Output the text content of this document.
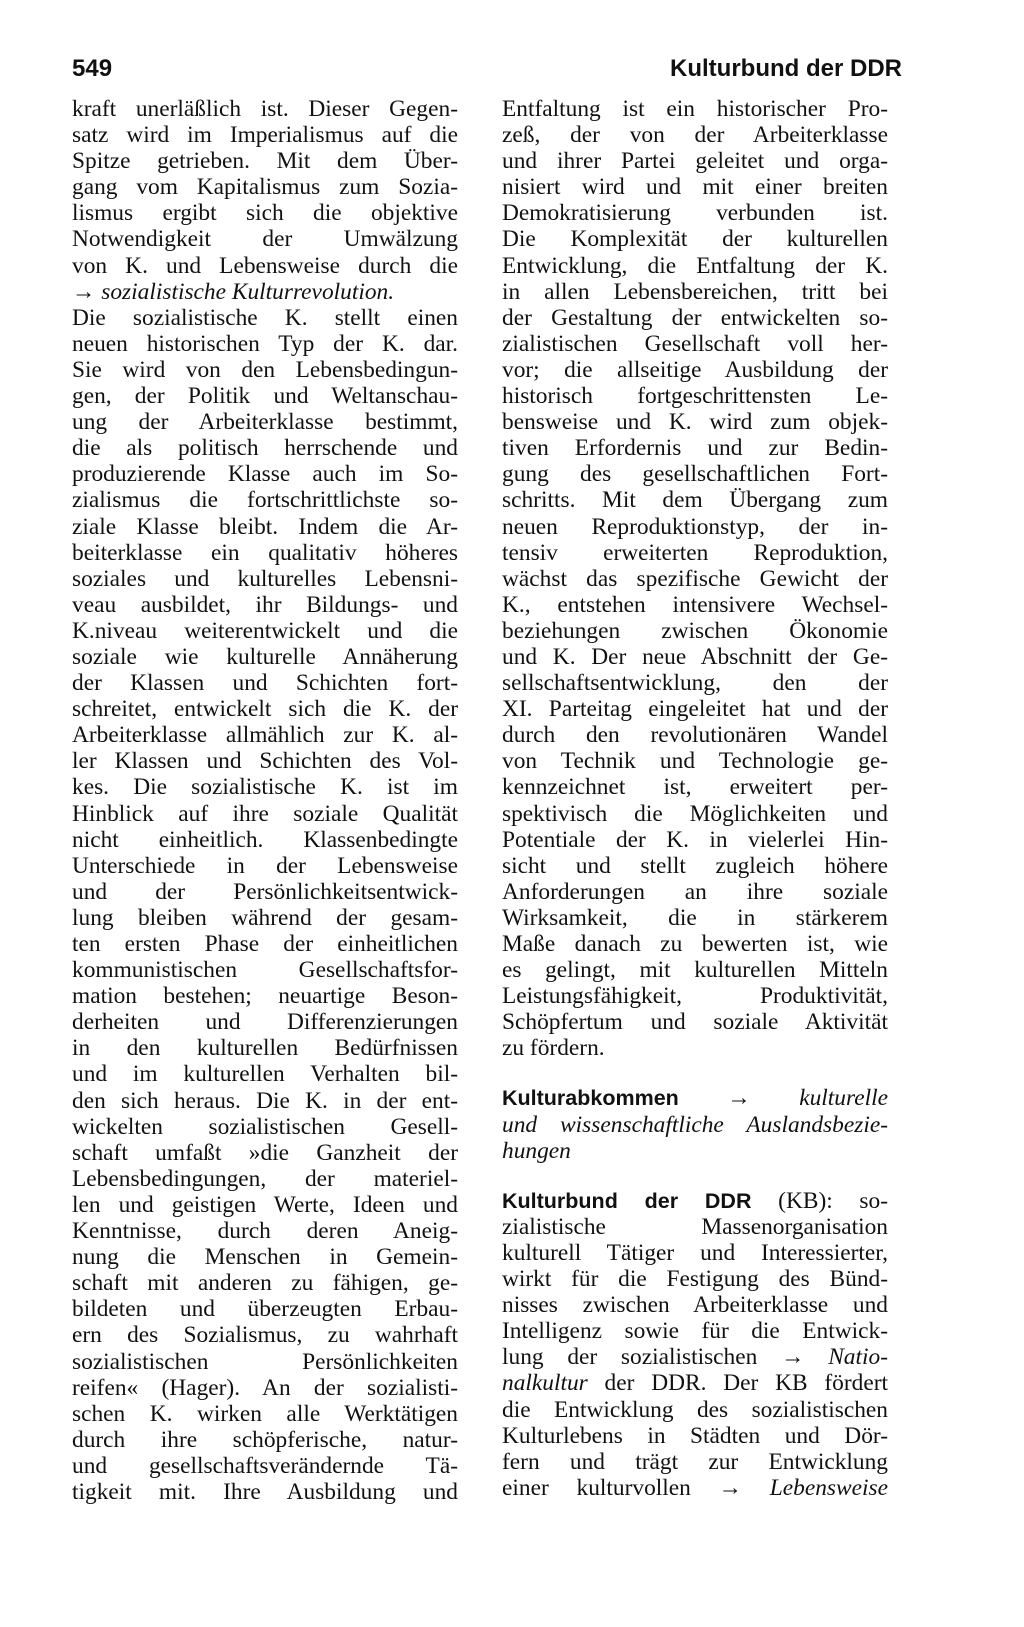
549	Kulturbund der DDR

kraft unerläßlich ist. Dieser Gegen-

satz wird im Imperialismus auf die

Spitze getrieben. Mit dem Über-

gang vom Kapitalismus zum Sozia-

lismus ergibt sich die objektive

Notwendigkeit der Umwälzung

von K. und Lebensweise durch die

→ sozialistische Kulturrevolution.

Die sozialistische K. stellt einen

neuen historischen Typ der K. dar.

Sie wird von den Lebensbedingun-

gen, der Politik und Weltanschau-

ung der Arbeiterklasse bestimmt,

die als politisch herrschende und

produzierende Klasse auch im So-

zialismus die fortschrittlichste so-

ziale Klasse bleibt. Indem die Ar-

beiterklasse ein qualitativ höheres

soziales und kulturelles Lebensni-

veau ausbildet, ihr Bildungs- und

K.niveau weiterentwickelt und die

soziale wie kulturelle Annäherung

der Klassen und Schichten fort-

schreitet, entwickelt sich die K. der

Arbeiterklasse allmählich zur K. al-

ler Klassen und Schichten des Vol-

kes. Die sozialistische K. ist im

Hinblick auf ihre soziale Qualität

nicht einheitlich. Klassenbedingte

Unterschiede in der Lebensweise

und der Persönlichkeitsentwick-

lung bleiben während der gesam-

ten ersten Phase der einheitlichen

kommunistischen Gesellschaftsfor-

mation bestehen; neuartige Beson-

derheiten und Differenzierungen

in den kulturellen Bedürfnissen

und im kulturellen Verhalten bil-

den sich heraus. Die K. in der ent-

wickelten sozialistischen Gesell-

schaft umfaßt »die Ganzheit der

Lebensbedingungen, der materiel-

len und geistigen Werte, Ideen und

Kenntnisse, durch deren Aneig-

nung die Menschen in Gemein-

schaft mit anderen zu fähigen, ge-

bildeten und überzeugten Erbau-

ern des Sozialismus, zu wahrhaft

sozialistischen Persönlichkeiten

reifen« (Hager). An der sozialisti-

schen K. wirken alle Werktätigen

durch ihre schöpferische, natur-

und gesellschaftsverändernde Tä-

tigkeit mit. Ihre Ausbildung und

Entfaltung ist ein historischer Pro-

zeß, der von der Arbeiterklasse

und ihrer Partei geleitet und orga-

nisiert wird und mit einer breiten

Demokratisierung verbunden ist.

Die Komplexität der kulturellen

Entwicklung, die Entfaltung der K.

in allen Lebensbereichen, tritt bei

der Gestaltung der entwickelten so-

zialistischen Gesellschaft voll her-

vor; die allseitige Ausbildung der

historisch fortgeschrittensten Le-

bensweise und K. wird zum objek-

tiven Erfordernis und zur Bedin-

gung des gesellschaftlichen Fort-

schritts. Mit dem Übergang zum

neuen Reproduktionstyp, der in-

tensiv erweiterten Reproduktion,

wächst das spezifische Gewicht der

K., entstehen intensivere Wechsel-

beziehungen zwischen Ökonomie

und K. Der neue Abschnitt der Ge-

sellschaftsentwicklung, den der

XI. Parteitag eingeleitet hat und der

durch den revolutionären Wandel

von Technik und Technologie ge-

kennzeichnet ist, erweitert per-

spektivisch die Möglichkeiten und

Potentiale der K. in vielerlei Hin-

sicht und stellt zugleich höhere

Anforderungen an ihre soziale

Wirksamkeit, die in stärkerem

Maße danach zu bewerten ist, wie

es gelingt, mit kulturellen Mitteln

Leistungsfähigkeit, Produktivität,

Schöpfertum und soziale Aktivität

zu fördern.

Kulturabkommen → kulturelle

und wissenschaftliche Auslandsbezie-

hungen

Kulturbund der DDR (KB): so-

zialistische Massenorganisation

kulturell Tätiger und Interessierter,

wirkt für die Festigung des Bünd-

nisses zwischen Arbeiterklasse und

Intelligenz sowie für die Entwick-

lung der sozialistischen → Natio-

nalkultur der DDR. Der KB fördert

die Entwicklung des sozialistischen

Kulturlebens in Städten und Dör-

fern und trägt zur Entwicklung

einer kulturvollen → Lebensweise
